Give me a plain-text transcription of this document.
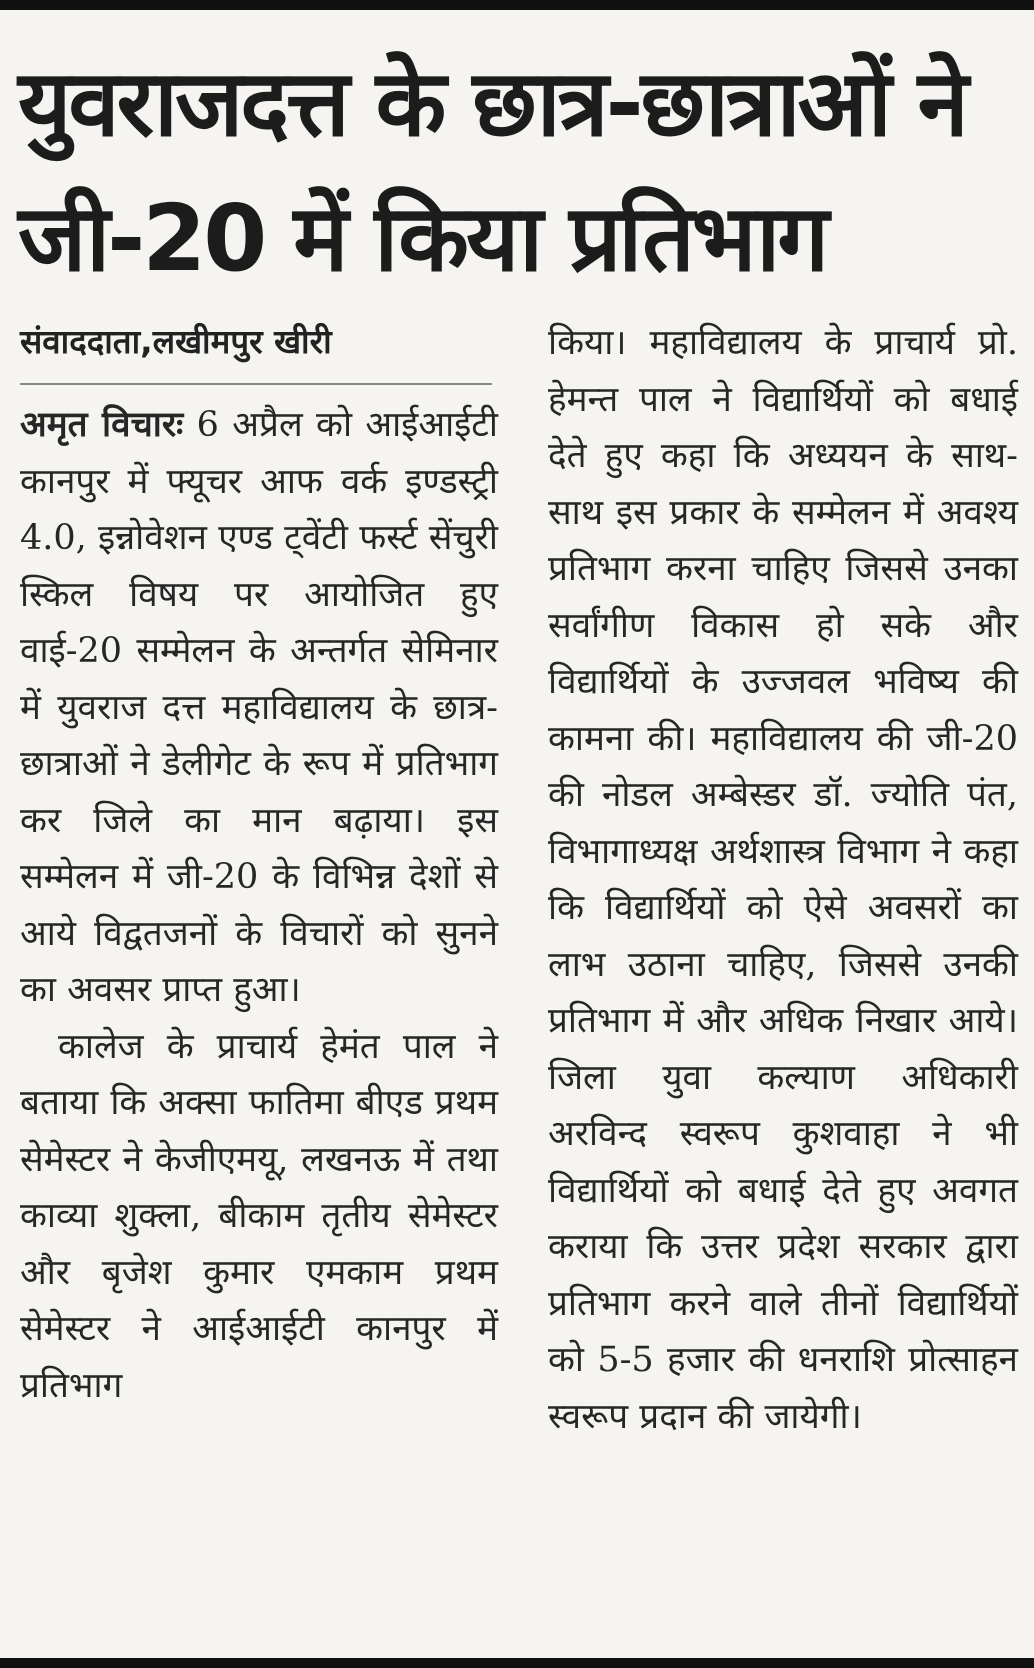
युवराजदत्त के छात्र-छात्राओं ने जी-20 में किया प्रतिभाग
संवाददाता,लखीमपुर खीरी

अमृत विचारः 6 अप्रैल को आईआईटी कानपुर में फ्यूचर आफ वर्क इण्डस्ट्री 4.0, इन्नोवेशन एण्ड ट्वेंटी फर्स्ट सेंचुरी स्किल विषय पर आयोजित हुए वाई-20 सम्मेलन के अन्तर्गत सेमिनार में युवराज दत्त महाविद्यालय के छात्र-छात्राओं ने डेलीगेट के रूप में प्रतिभाग कर जिले का मान बढ़ाया। इस सम्मेलन में जी-20 के विभिन्न देशों से आये विद्वतजनों के विचारों को सुनने का अवसर प्राप्त हुआ।

कालेज के प्राचार्य हेमंत पाल ने बताया कि अक्सा फातिमा बीएड प्रथम सेमेस्टर ने केजीएमयू, लखनऊ में तथा काव्या शुक्ला, बीकाम तृतीय सेमेस्टर और बृजेश कुमार एमकाम प्रथम सेमेस्टर ने आईआईटी कानपुर में प्रतिभाग

किया। महाविद्यालय के प्राचार्य प्रो. हेमन्त पाल ने विद्यार्थियों को बधाई देते हुए कहा कि अध्ययन के साथ-साथ इस प्रकार के सम्मेलन में अवश्य प्रतिभाग करना चाहिए जिससे उनका सर्वांगीण विकास हो सके और विद्यार्थियों के उज्जवल भविष्य की कामना की। महाविद्यालय की जी-20 की नोडल अम्बेस्डर डॉ. ज्योति पंत, विभागाध्यक्ष अर्थशास्त्र विभाग ने कहा कि विद्यार्थियों को ऐसे अवसरों का लाभ उठाना चाहिए, जिससे उनकी प्रतिभाग में और अधिक निखार आये। जिला युवा कल्याण अधिकारी अरविन्द स्वरूप कुशवाहा ने भी विद्यार्थियों को बधाई देते हुए अवगत कराया कि उत्तर प्रदेश सरकार द्वारा प्रतिभाग करने वाले तीनों विद्यार्थियों को 5-5 हजार की धनराशि प्रोत्साहन स्वरूप प्रदान की जायेगी।
